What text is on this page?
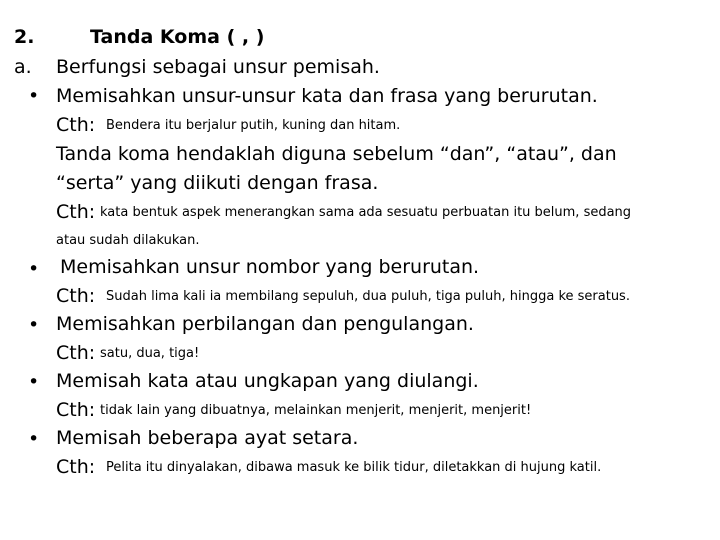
2.	Tanda Koma ( , )
a. Berfungsi sebagai unsur pemisah.
• Memisahkan unsur-unsur kata dan frasa yang berurutan.
Cth: Bendera itu berjalur putih, kuning dan hitam.
Tanda koma hendaklah diguna sebelum “dan”, “atau”, dan
“serta” yang diikuti dengan frasa.
Cth: kata bentuk aspek menerangkan sama ada sesuatu perbuatan itu belum, sedang
atau sudah dilakukan.
• Memisahkan unsur nombor yang berurutan.
Cth: Sudah lima kali ia membilang sepuluh, dua puluh, tiga puluh, hingga ke seratus.
• Memisahkan perbilangan dan pengulangan.
Cth: satu, dua, tiga!
• Memisah kata atau ungkapan yang diulangi.
Cth: tidak lain yang dibuatnya, melainkan menjerit, menjerit, menjerit!
• Memisah beberapa ayat setara.
Cth: Pelita itu dinyalakan, dibawa masuk ke bilik tidur, diletakkan di hujung katil.
